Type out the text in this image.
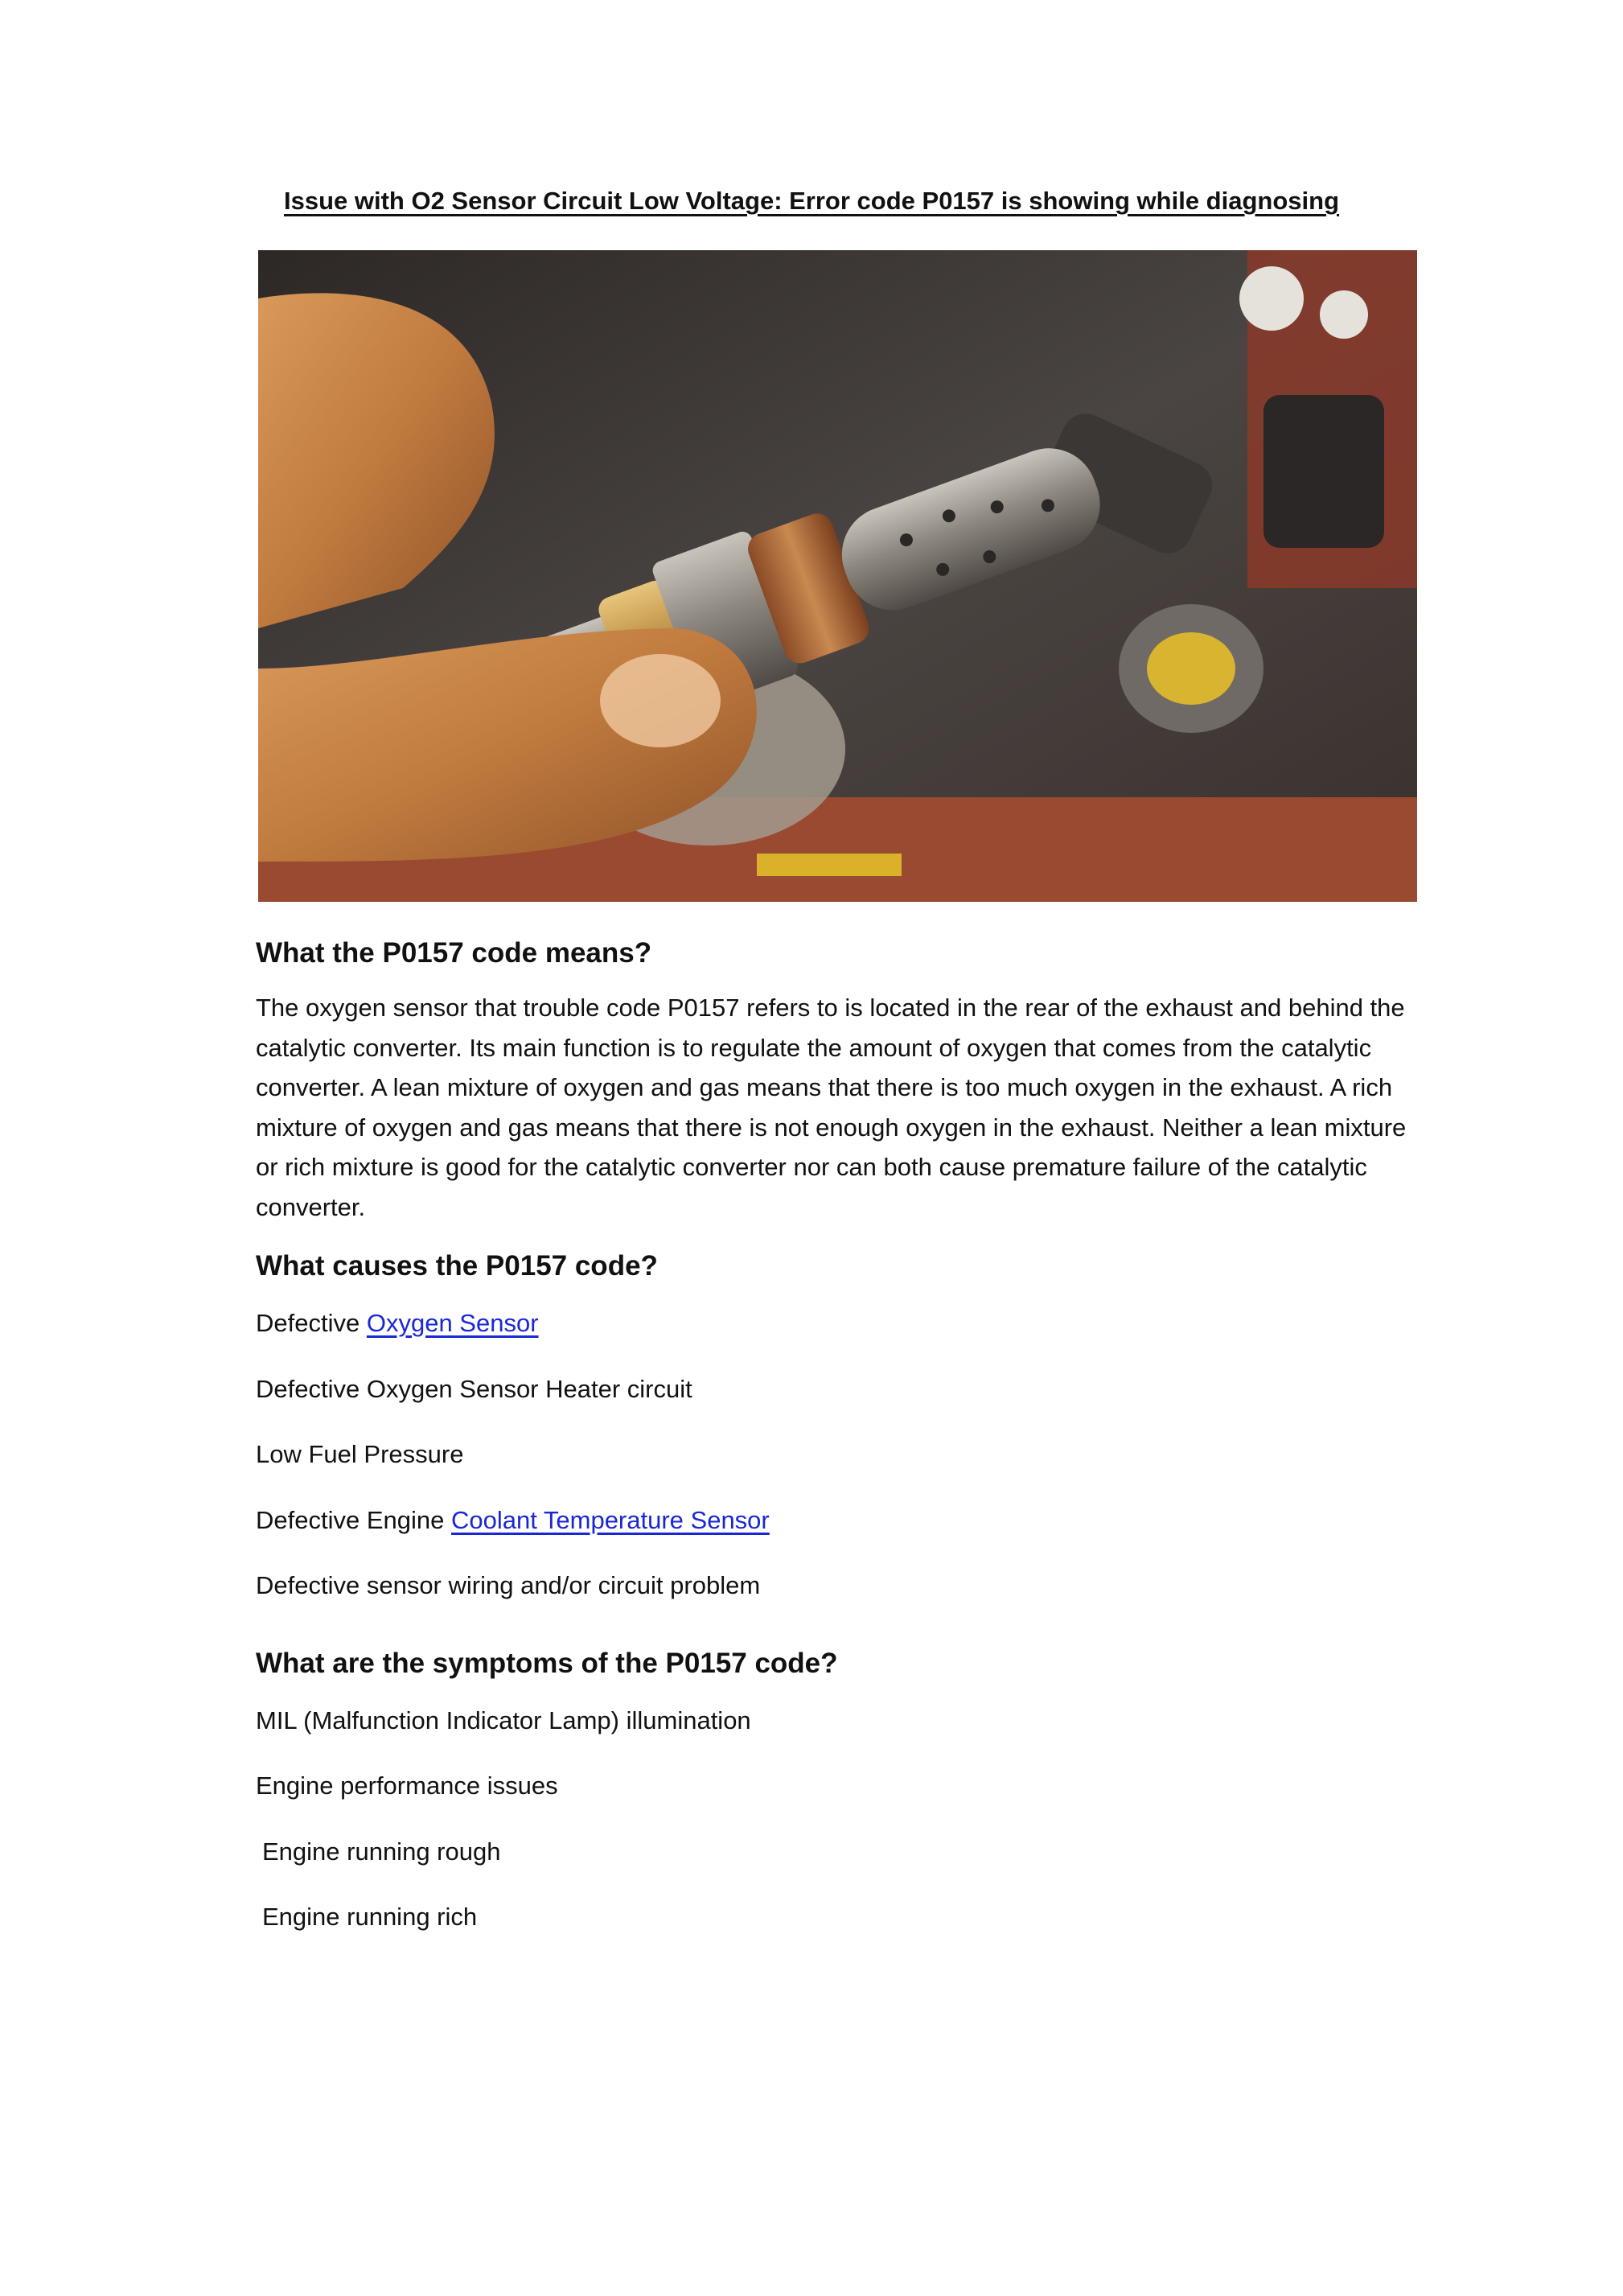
Issue with O2 Sensor Circuit Low Voltage: Error code P0157 is showing while diagnosing
What the P0157 code means?

The oxygen sensor that trouble code P0157 refers to is located in the rear of the exhaust and behind the catalytic converter. Its main function is to regulate the amount of oxygen that comes from the catalytic converter. A lean mixture of oxygen and gas means that there is too much oxygen in the exhaust. A rich mixture of oxygen and gas means that there is not enough oxygen in the exhaust. Neither a lean mixture or rich mixture is good for the catalytic converter nor can both cause premature failure of the catalytic converter.

What causes the P0157 code?
Defective Oxygen Sensor
Defective Oxygen Sensor Heater circuit
Low Fuel Pressure
Defective Engine Coolant Temperature Sensor
Defective sensor wiring and/or circuit problem
What are the symptoms of the P0157 code?
MIL (Malfunction Indicator Lamp) illumination
Engine performance issues
Engine running rough
Engine running rich
